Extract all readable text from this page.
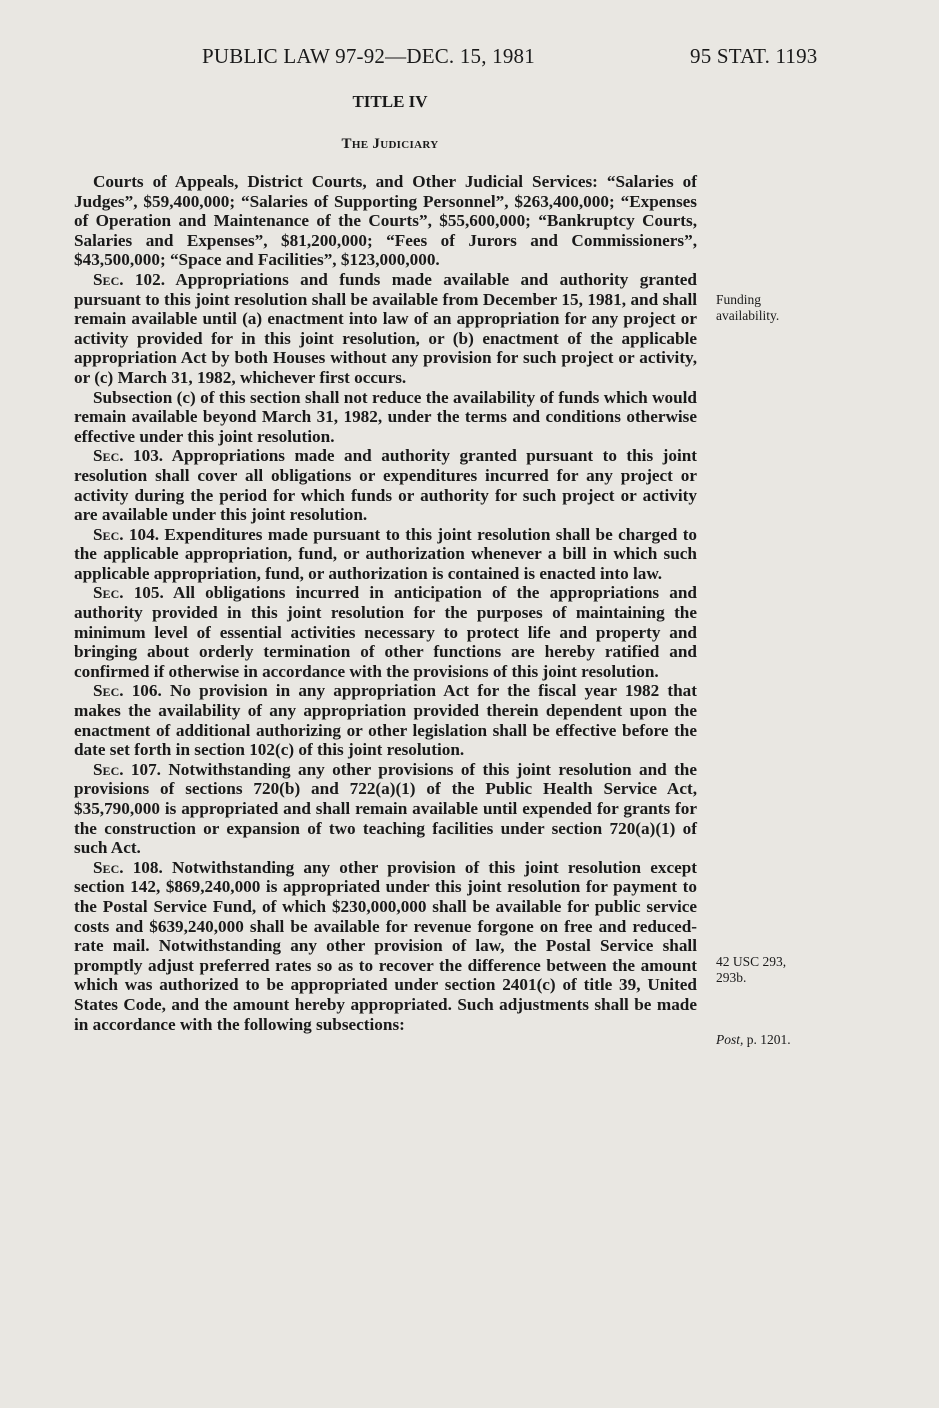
PUBLIC LAW 97-92—DEC. 15, 1981	95 STAT. 1193
TITLE IV
The Judiciary

Courts of Appeals, District Courts, and Other Judicial Services: “Salaries of Judges”, $59,400,000; “Salaries of Supporting Personnel”, $263,400,000; “Expenses of Operation and Maintenance of the Courts”, $55,600,000; “Bankruptcy Courts, Salaries and Expenses”, $81,200,000; “Fees of Jurors and Commissioners”, $43,500,000; “Space and Facilities”, $123,000,000.

Sec. 102. Appropriations and funds made available and authority granted pursuant to this joint resolution shall be available from December 15, 1981, and shall remain available until (a) enactment into law of an appropriation for any project or activity provided for in this joint resolution, or (b) enactment of the applicable appropriation Act by both Houses without any provision for such project or activity, or (c) March 31, 1982, whichever first occurs.

Subsection (c) of this section shall not reduce the availability of funds which would remain available beyond March 31, 1982, under the terms and conditions otherwise effective under this joint resolution.

Sec. 103. Appropriations made and authority granted pursuant to this joint resolution shall cover all obligations or expenditures incurred for any project or activity during the period for which funds or authority for such project or activity are available under this joint resolution.

Sec. 104. Expenditures made pursuant to this joint resolution shall be charged to the applicable appropriation, fund, or authorization whenever a bill in which such applicable appropriation, fund, or authorization is contained is enacted into law.

Sec. 105. All obligations incurred in anticipation of the appropriations and authority provided in this joint resolution for the purposes of maintaining the minimum level of essential activities necessary to protect life and property and bringing about orderly termination of other functions are hereby ratified and confirmed if otherwise in accordance with the provisions of this joint resolution.

Sec. 106. No provision in any appropriation Act for the fiscal year 1982 that makes the availability of any appropriation provided therein dependent upon the enactment of additional authorizing or other legislation shall be effective before the date set forth in section 102(c) of this joint resolution.

Sec. 107. Notwithstanding any other provisions of this joint resolution and the provisions of sections 720(b) and 722(a)(1) of the Public Health Service Act, $35,790,000 is appropriated and shall remain available until expended for grants for the construction or expansion of two teaching facilities under section 720(a)(1) of such Act.

Sec. 108. Notwithstanding any other provision of this joint resolution except section 142, $869,240,000 is appropriated under this joint resolution for payment to the Postal Service Fund, of which $230,000,000 shall be available for public service costs and $639,240,000 shall be available for revenue forgone on free and reduced-rate mail. Notwithstanding any other provision of law, the Postal Service shall promptly adjust preferred rates so as to recover the difference between the amount which was authorized to be appropriated under section 2401(c) of title 39, United States Code, and the amount hereby appropriated. Such adjustments shall be made in accordance with the following subsections:

Funding
availability.
42 USC 293,
293b.
Post, p. 1201.
